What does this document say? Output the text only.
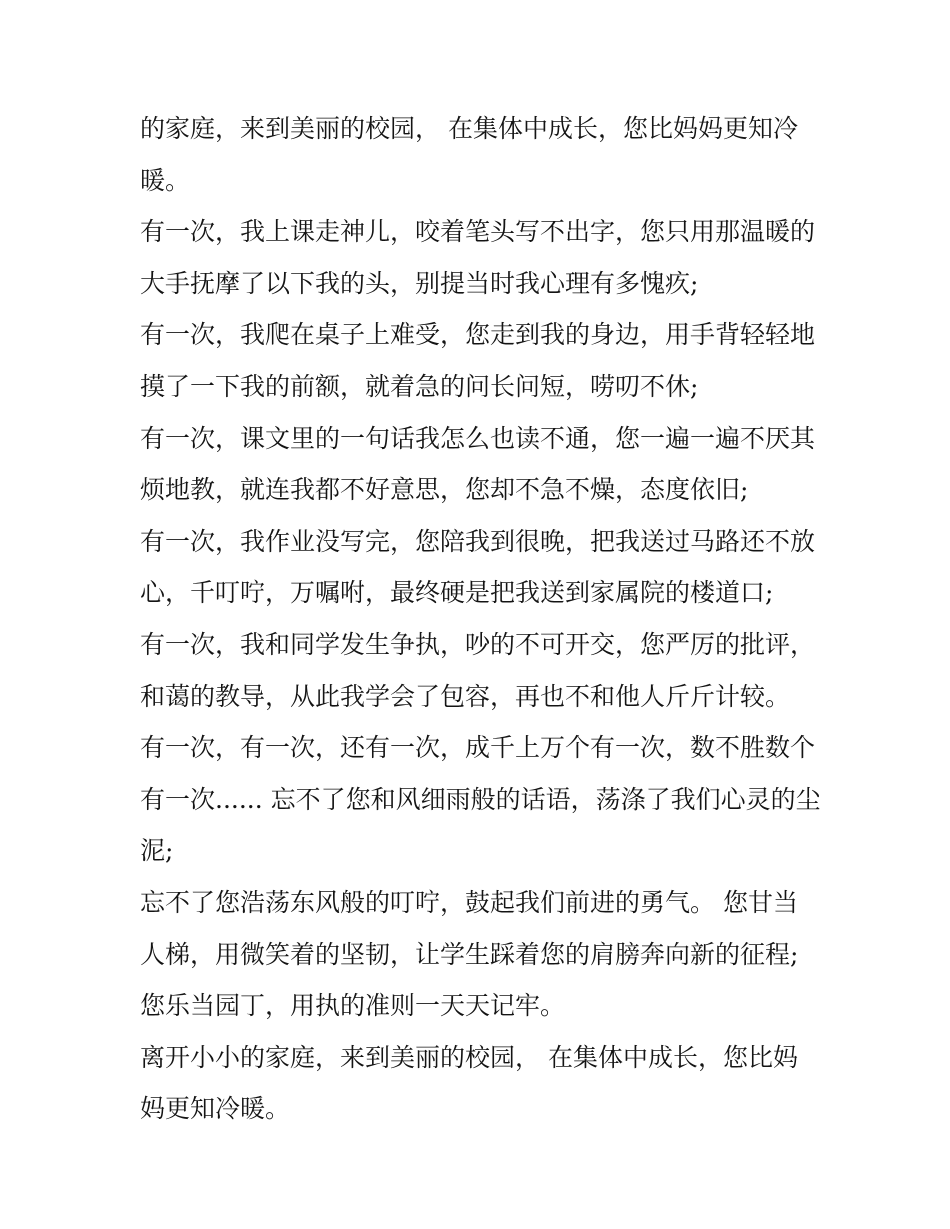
的家庭，来到美丽的校园， 在集体中成长，您比妈妈更知冷
暖。
有一次，我上课走神儿，咬着笔头写不出字，您只用那温暖的
大手抚摩了以下我的头，别提当时我心理有多愧疚;
有一次，我爬在桌子上难受，您走到我的身边，用手背轻轻地
摸了一下我的前额，就着急的问长问短，唠叨不休;
有一次，课文里的一句话我怎么也读不通，您一遍一遍不厌其
烦地教，就连我都不好意思，您却不急不燥，态度依旧;
有一次，我作业没写完，您陪我到很晚，把我送过马路还不放
心，千叮咛，万嘱咐，最终硬是把我送到家属院的楼道口;
有一次，我和同学发生争执，吵的不可开交，您严厉的批评，
和蔼的教导，从此我学会了包容，再也不和他人斤斤计较。
有一次，有一次，还有一次，成千上万个有一次，数不胜数个
有一次...... 忘不了您和风细雨般的话语，荡涤了我们心灵的尘
泥;
忘不了您浩荡东风般的叮咛，鼓起我们前进的勇气。 您甘当
人梯，用微笑着的坚韧，让学生踩着您的肩膀奔向新的征程;
您乐当园丁，用执的准则一天天记牢。
离开小小的家庭，来到美丽的校园， 在集体中成长，您比妈
妈更知冷暖。
